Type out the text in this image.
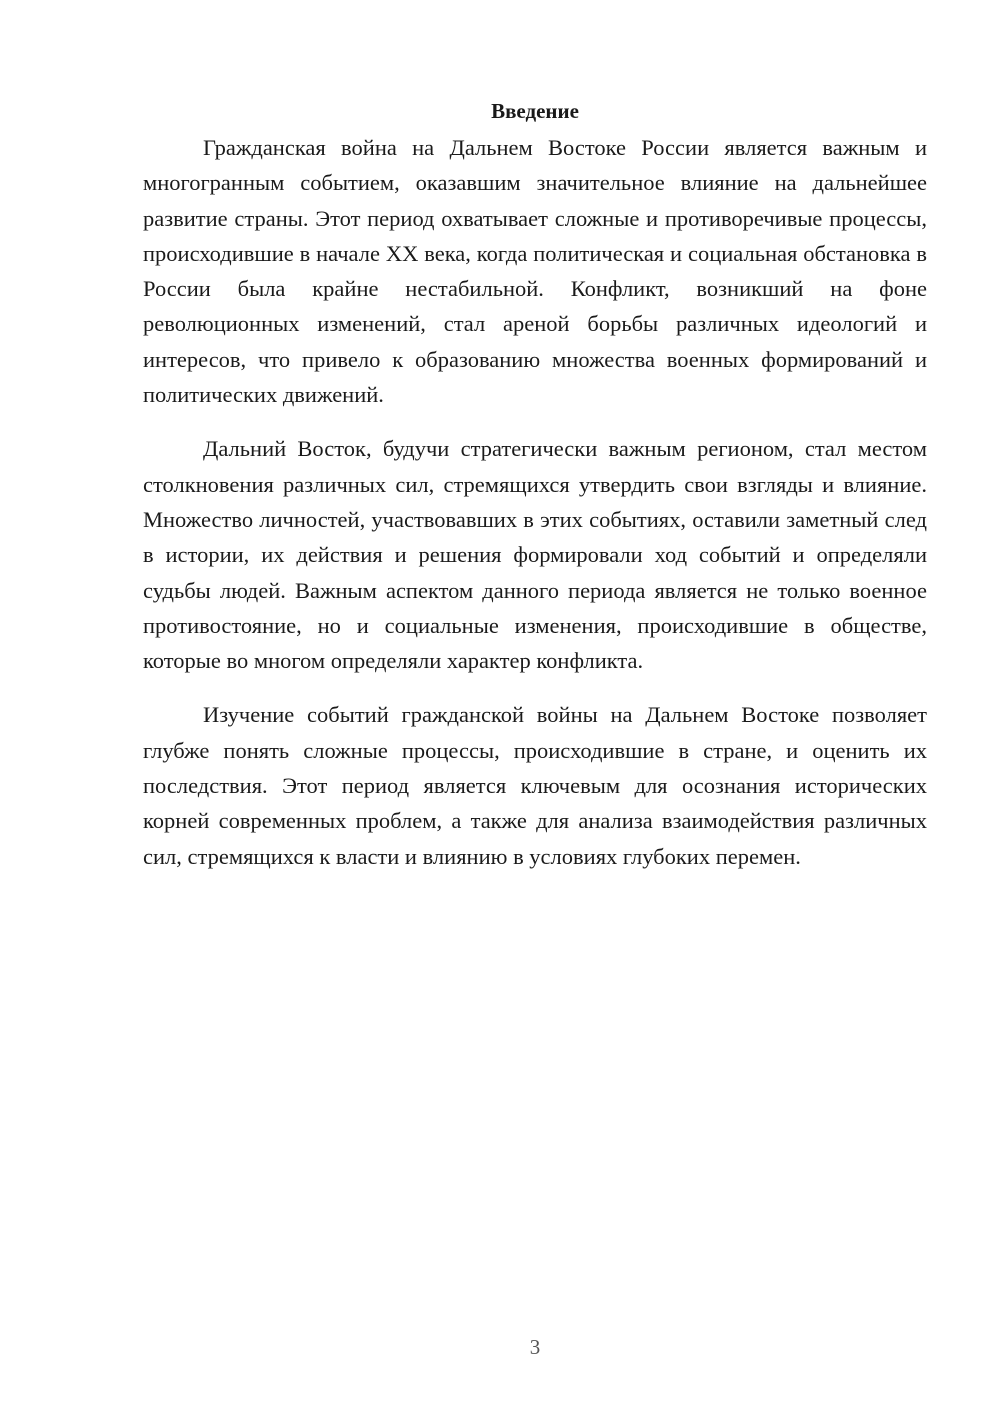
Введение

Гражданская война на Дальнем Востоке России является важным и многогранным событием, оказавшим значительное влияние на дальнейшее развитие страны. Этот период охватывает сложные и противоречивые процессы, происходившие в начале XX века, когда политическая и социальная обстановка в России была крайне нестабильной. Конфликт, возникший на фоне революционных изменений, стал ареной борьбы различных идеологий и интересов, что привело к образованию множества военных формирований и политических движений.

Дальний Восток, будучи стратегически важным регионом, стал местом столкновения различных сил, стремящихся утвердить свои взгляды и влияние. Множество личностей, участвовавших в этих событиях, оставили заметный след в истории, их действия и решения формировали ход событий и определяли судьбы людей. Важным аспектом данного периода является не только военное противостояние, но и социальные изменения, происходившие в обществе, которые во многом определяли характер конфликта.

Изучение событий гражданской войны на Дальнем Востоке позволяет глубже понять сложные процессы, происходившие в стране, и оценить их последствия. Этот период является ключевым для осознания исторических корней современных проблем, а также для анализа взаимодействия различных сил, стремящихся к власти и влиянию в условиях глубоких перемен.

3
